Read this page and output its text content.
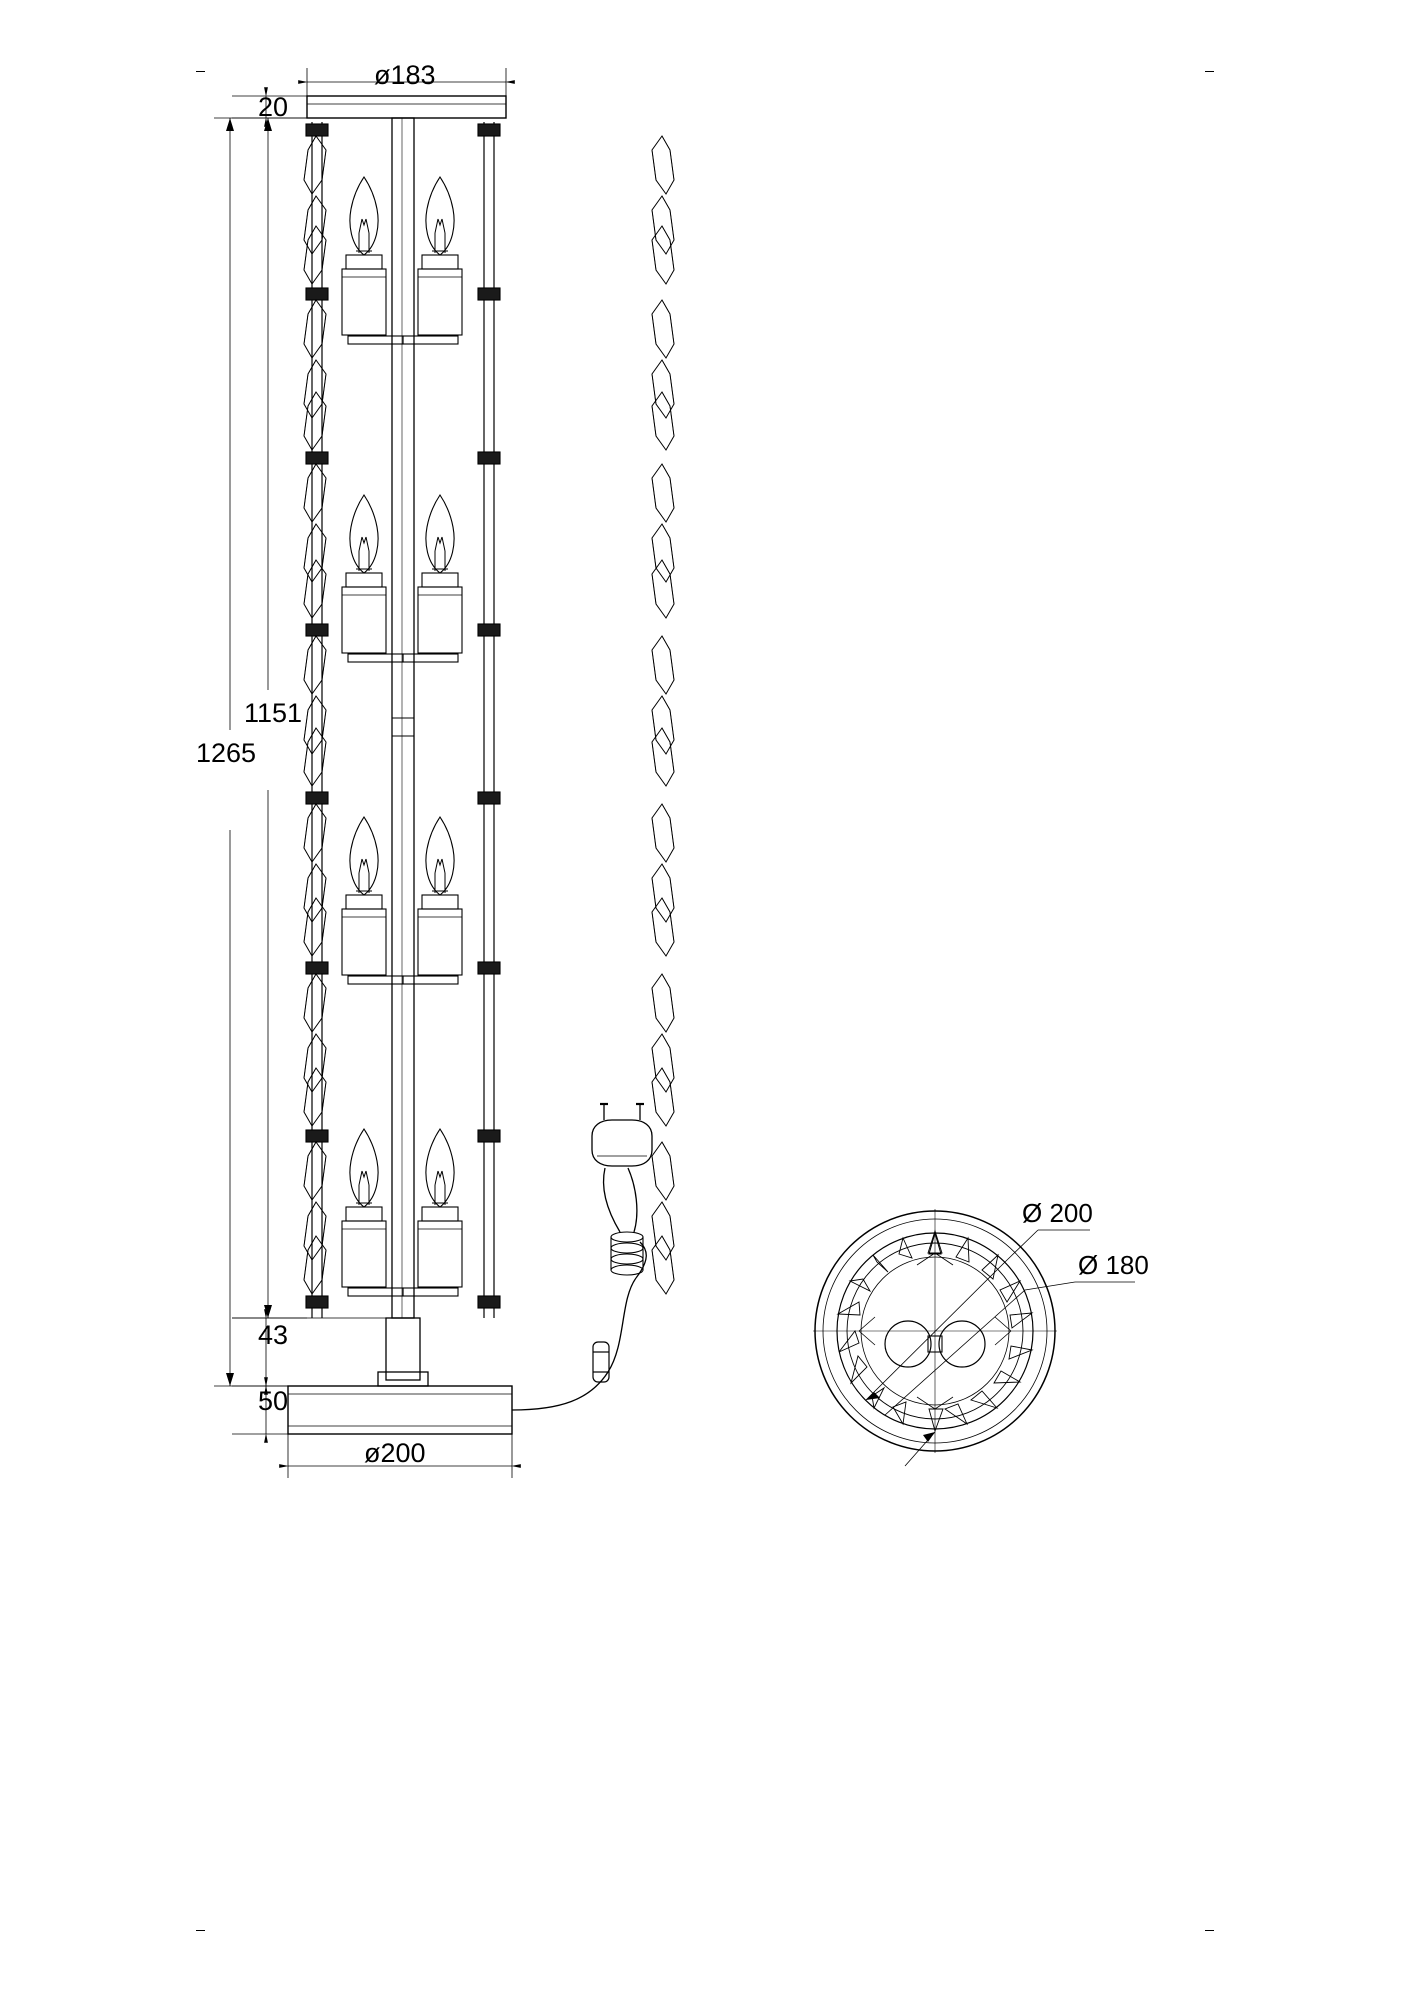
ø183
20
1151
1265
43
50
ø200
Ø 200
Ø 180
